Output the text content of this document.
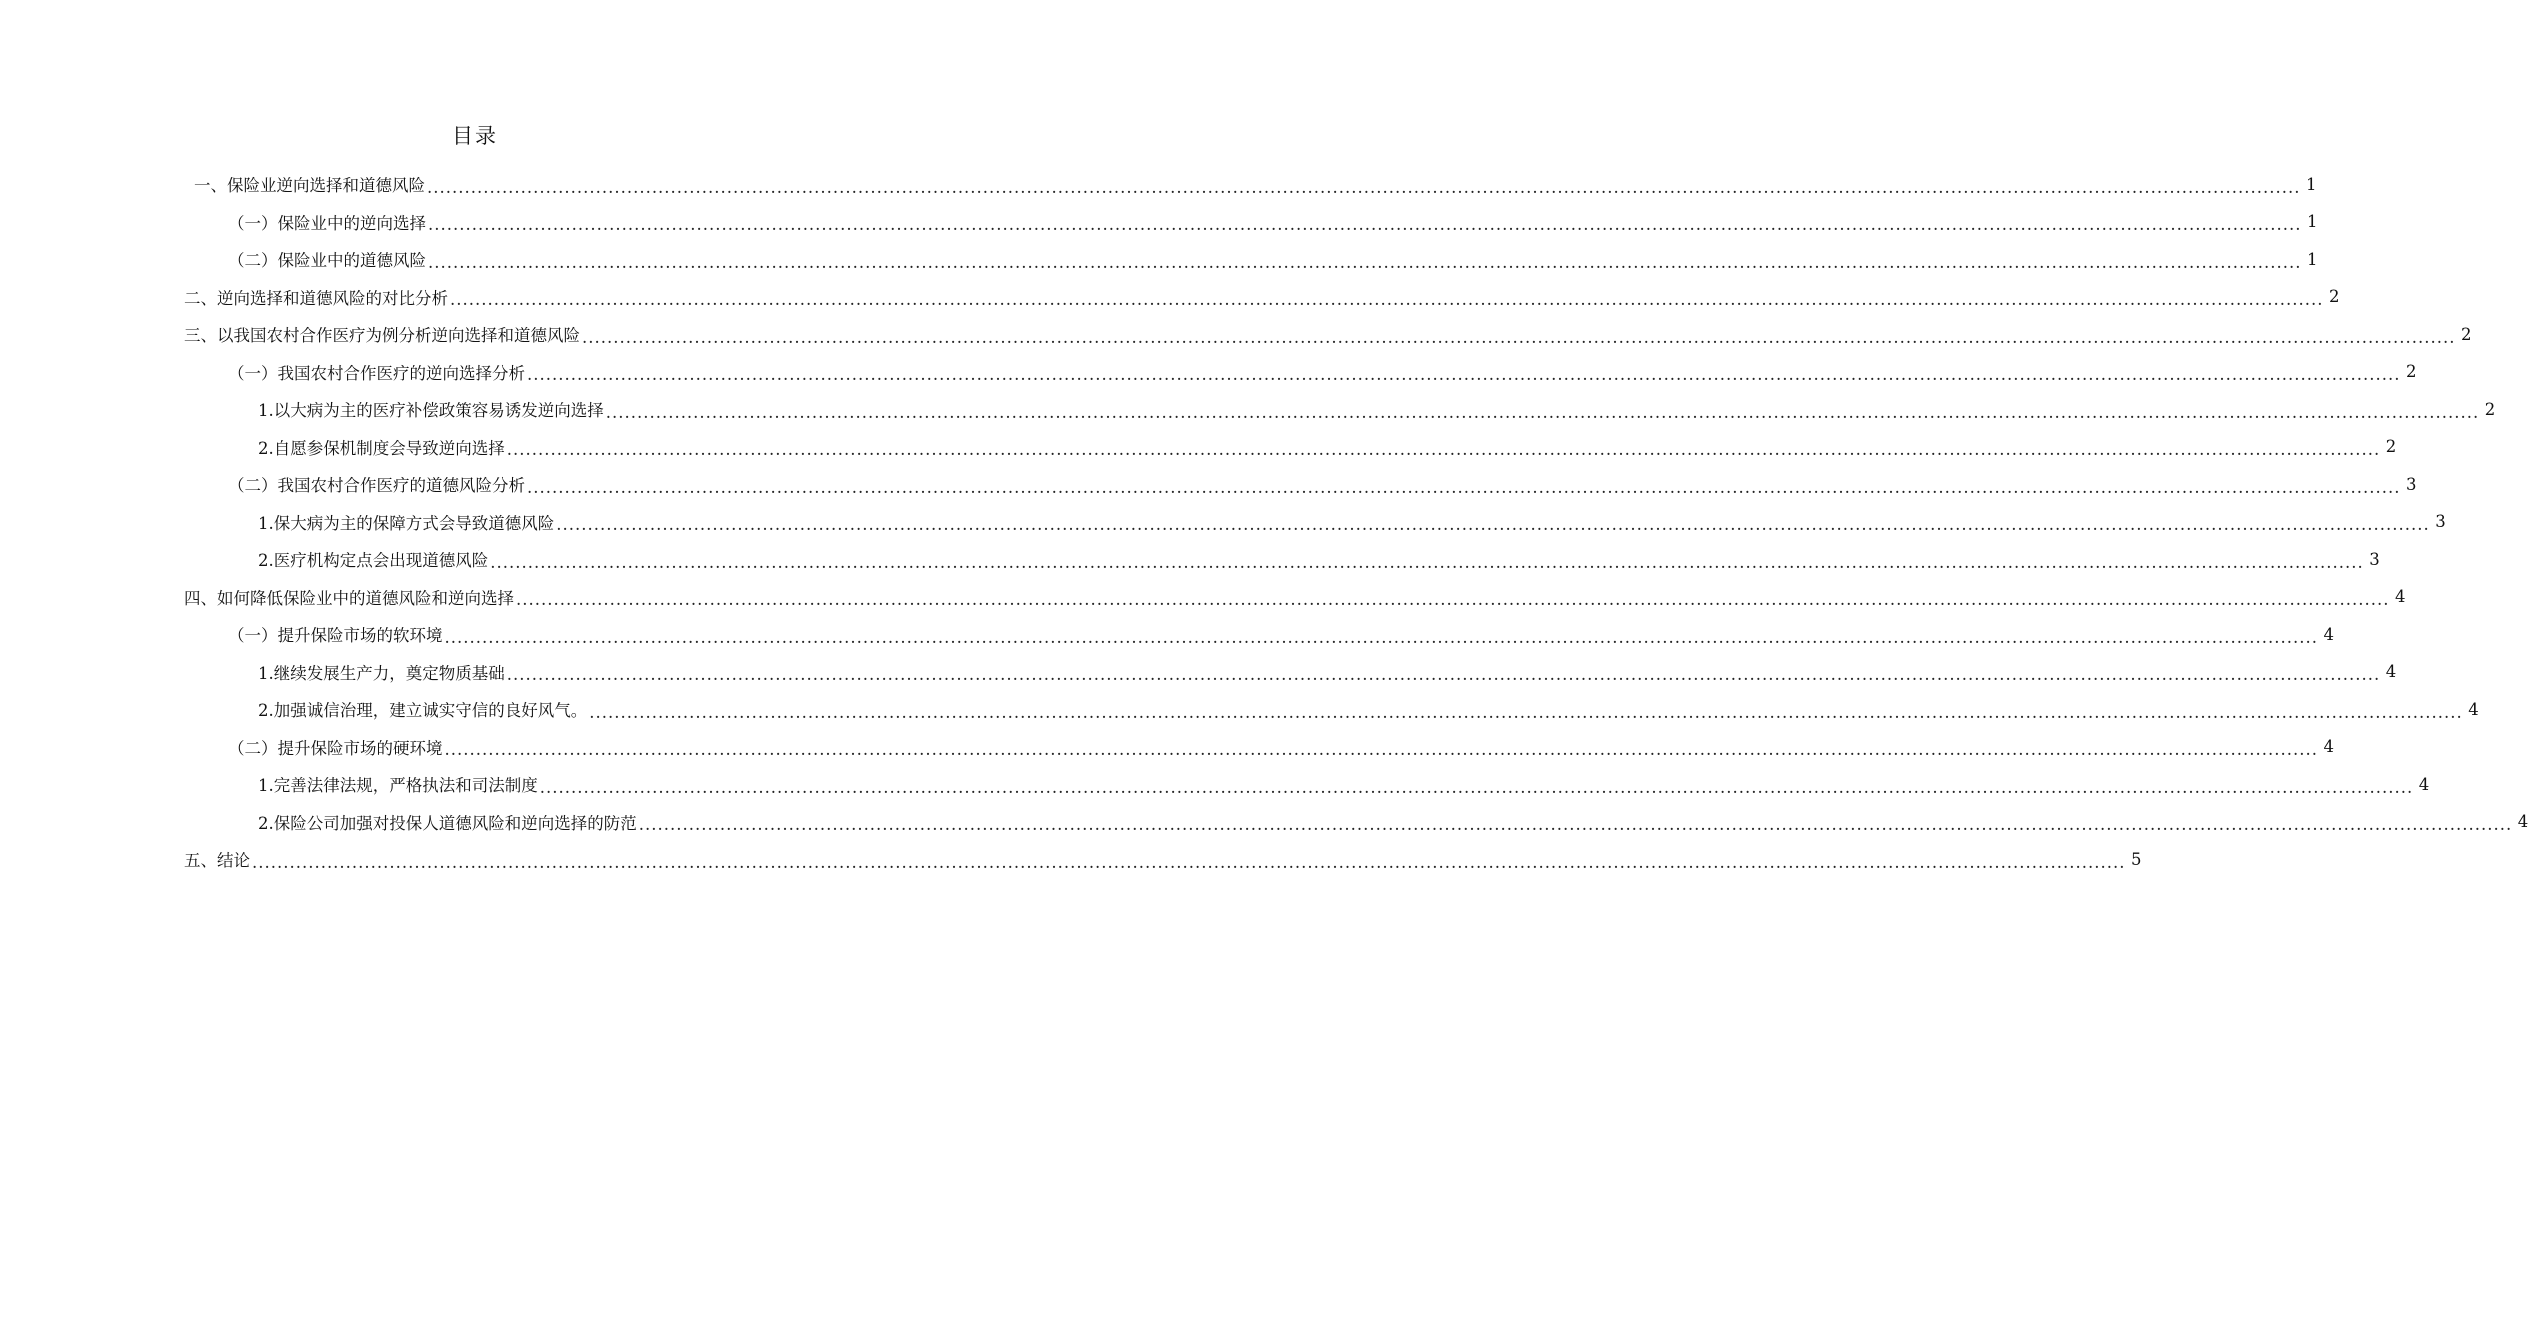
目录
一、保险业逆向选择和道德风险 ............................................................................................................................................................................................................................................................................................................ 1
（一）保险业中的逆向选择 ............................................................................................................................................................................................................................................................................................................ 1
（二）保险业中的道德风险 ............................................................................................................................................................................................................................................................................................................ 1
二、逆向选择和道德风险的对比分析 ............................................................................................................................................................................................................................................................................................................ 2
三、以我国农村合作医疗为例分析逆向选择和道德风险 ............................................................................................................................................................................................................................................................................................................ 2
（一）我国农村合作医疗的逆向选择分析 ............................................................................................................................................................................................................................................................................................................ 2
1.以大病为主的医疗补偿政策容易诱发逆向选择 ............................................................................................................................................................................................................................................................................................................ 2
2.自愿参保机制度会导致逆向选择 ............................................................................................................................................................................................................................................................................................................ 2
（二）我国农村合作医疗的道德风险分析 ............................................................................................................................................................................................................................................................................................................ 3
1.保大病为主的保障方式会导致道德风险 ............................................................................................................................................................................................................................................................................................................ 3
2.医疗机构定点会出现道德风险 ............................................................................................................................................................................................................................................................................................................ 3
四、如何降低保险业中的道德风险和逆向选择 ............................................................................................................................................................................................................................................................................................................ 4
（一）提升保险市场的软环境 ............................................................................................................................................................................................................................................................................................................ 4
1.继续发展生产力，奠定物质基础 ............................................................................................................................................................................................................................................................................................................ 4
2.加强诚信治理，建立诚实守信的良好风气。 ............................................................................................................................................................................................................................................................................................................ 4
（二）提升保险市场的硬环境 ............................................................................................................................................................................................................................................................................................................ 4
1.完善法律法规，严格执法和司法制度 ............................................................................................................................................................................................................................................................................................................ 4
2.保险公司加强对投保人道德风险和逆向选择的防范 ............................................................................................................................................................................................................................................................................................................ 4
五、结论 ............................................................................................................................................................................................................................................................................................................ 5
